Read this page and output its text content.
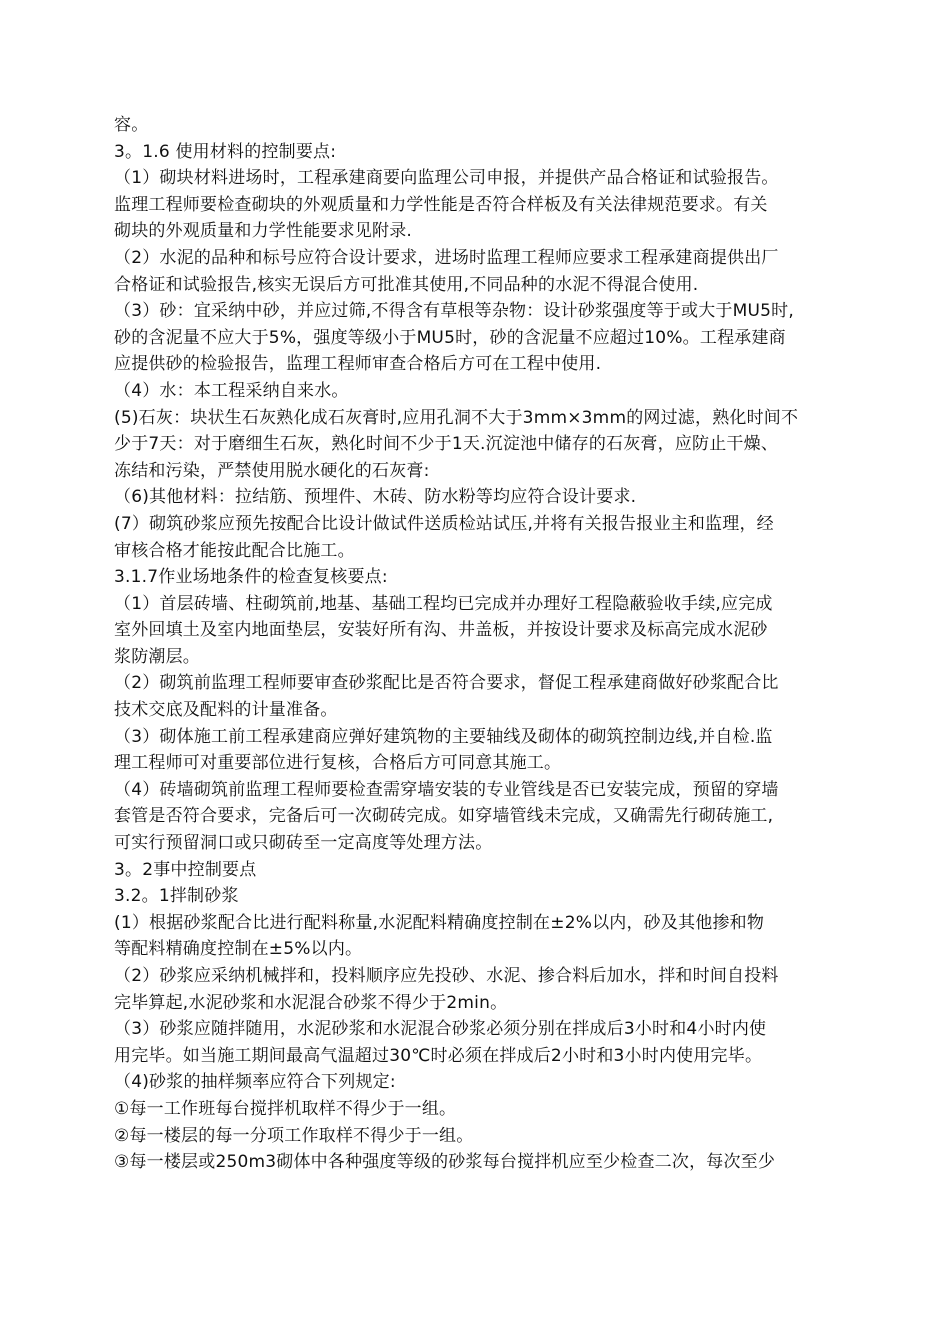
容。
3。1.6 使用材料的控制要点:
（1）砌块材料进场时，工程承建商要向监理公司申报，并提供产品合格证和试验报告。
监理工程师要检查砌块的外观质量和力学性能是否符合样板及有关法律规范要求。有关
砌块的外观质量和力学性能要求见附录.
（2）水泥的品种和标号应符合设计要求，进场时监理工程师应要求工程承建商提供出厂
合格证和试验报告,核实无误后方可批准其使用,不同品种的水泥不得混合使用.
（3）砂：宜采纳中砂，并应过筛,不得含有草根等杂物：设计砂浆强度等于或大于MU5时,
砂的含泥量不应大于5%，强度等级小于MU5时，砂的含泥量不应超过10%。工程承建商
应提供砂的检验报告，监理工程师审查合格后方可在工程中使用.
（4）水：本工程采纳自来水。
(5)石灰：块状生石灰熟化成石灰膏时,应用孔洞不大于3mm×3mm的网过滤，熟化时间不
少于7天：对于磨细生石灰，熟化时间不少于1天.沉淀池中储存的石灰膏，应防止干燥、
冻结和污染，严禁使用脱水硬化的石灰膏:
（6)其他材料：拉结筋、预埋件、木砖、防水粉等均应符合设计要求.
(7）砌筑砂浆应预先按配合比设计做试件送质检站试压,并将有关报告报业主和监理，经
审核合格才能按此配合比施工。
3.1.7作业场地条件的检查复核要点:
（1）首层砖墙、柱砌筑前,地基、基础工程均已完成并办理好工程隐蔽验收手续,应完成
室外回填土及室内地面垫层，安装好所有沟、井盖板，并按设计要求及标高完成水泥砂
浆防潮层。
（2）砌筑前监理工程师要审查砂浆配比是否符合要求，督促工程承建商做好砂浆配合比
技术交底及配料的计量准备。
（3）砌体施工前工程承建商应弹好建筑物的主要轴线及砌体的砌筑控制边线,并自检.监
理工程师可对重要部位进行复核，合格后方可同意其施工。
（4）砖墙砌筑前监理工程师要检查需穿墙安装的专业管线是否已安装完成，预留的穿墙
套管是否符合要求，完备后可一次砌砖完成。如穿墙管线未完成，又确需先行砌砖施工,
可实行预留洞口或只砌砖至一定高度等处理方法。
3。2事中控制要点
3.2。1拌制砂浆
(1）根据砂浆配合比进行配料称量,水泥配料精确度控制在±2%以内，砂及其他掺和物
等配料精确度控制在±5%以内。
（2）砂浆应采纳机械拌和，投料顺序应先投砂、水泥、掺合料后加水，拌和时间自投料
完毕算起,水泥砂浆和水泥混合砂浆不得少于2min。
（3）砂浆应随拌随用，水泥砂浆和水泥混合砂浆必须分别在拌成后3小时和4小时内使
用完毕。如当施工期间最高气温超过30℃时必须在拌成后2小时和3小时内使用完毕。
（4)砂浆的抽样频率应符合下列规定:
①每一工作班每台搅拌机取样不得少于一组。
②每一楼层的每一分项工作取样不得少于一组。
③每一楼层或250m3砌体中各种强度等级的砂浆每台搅拌机应至少检查二次，每次至少
